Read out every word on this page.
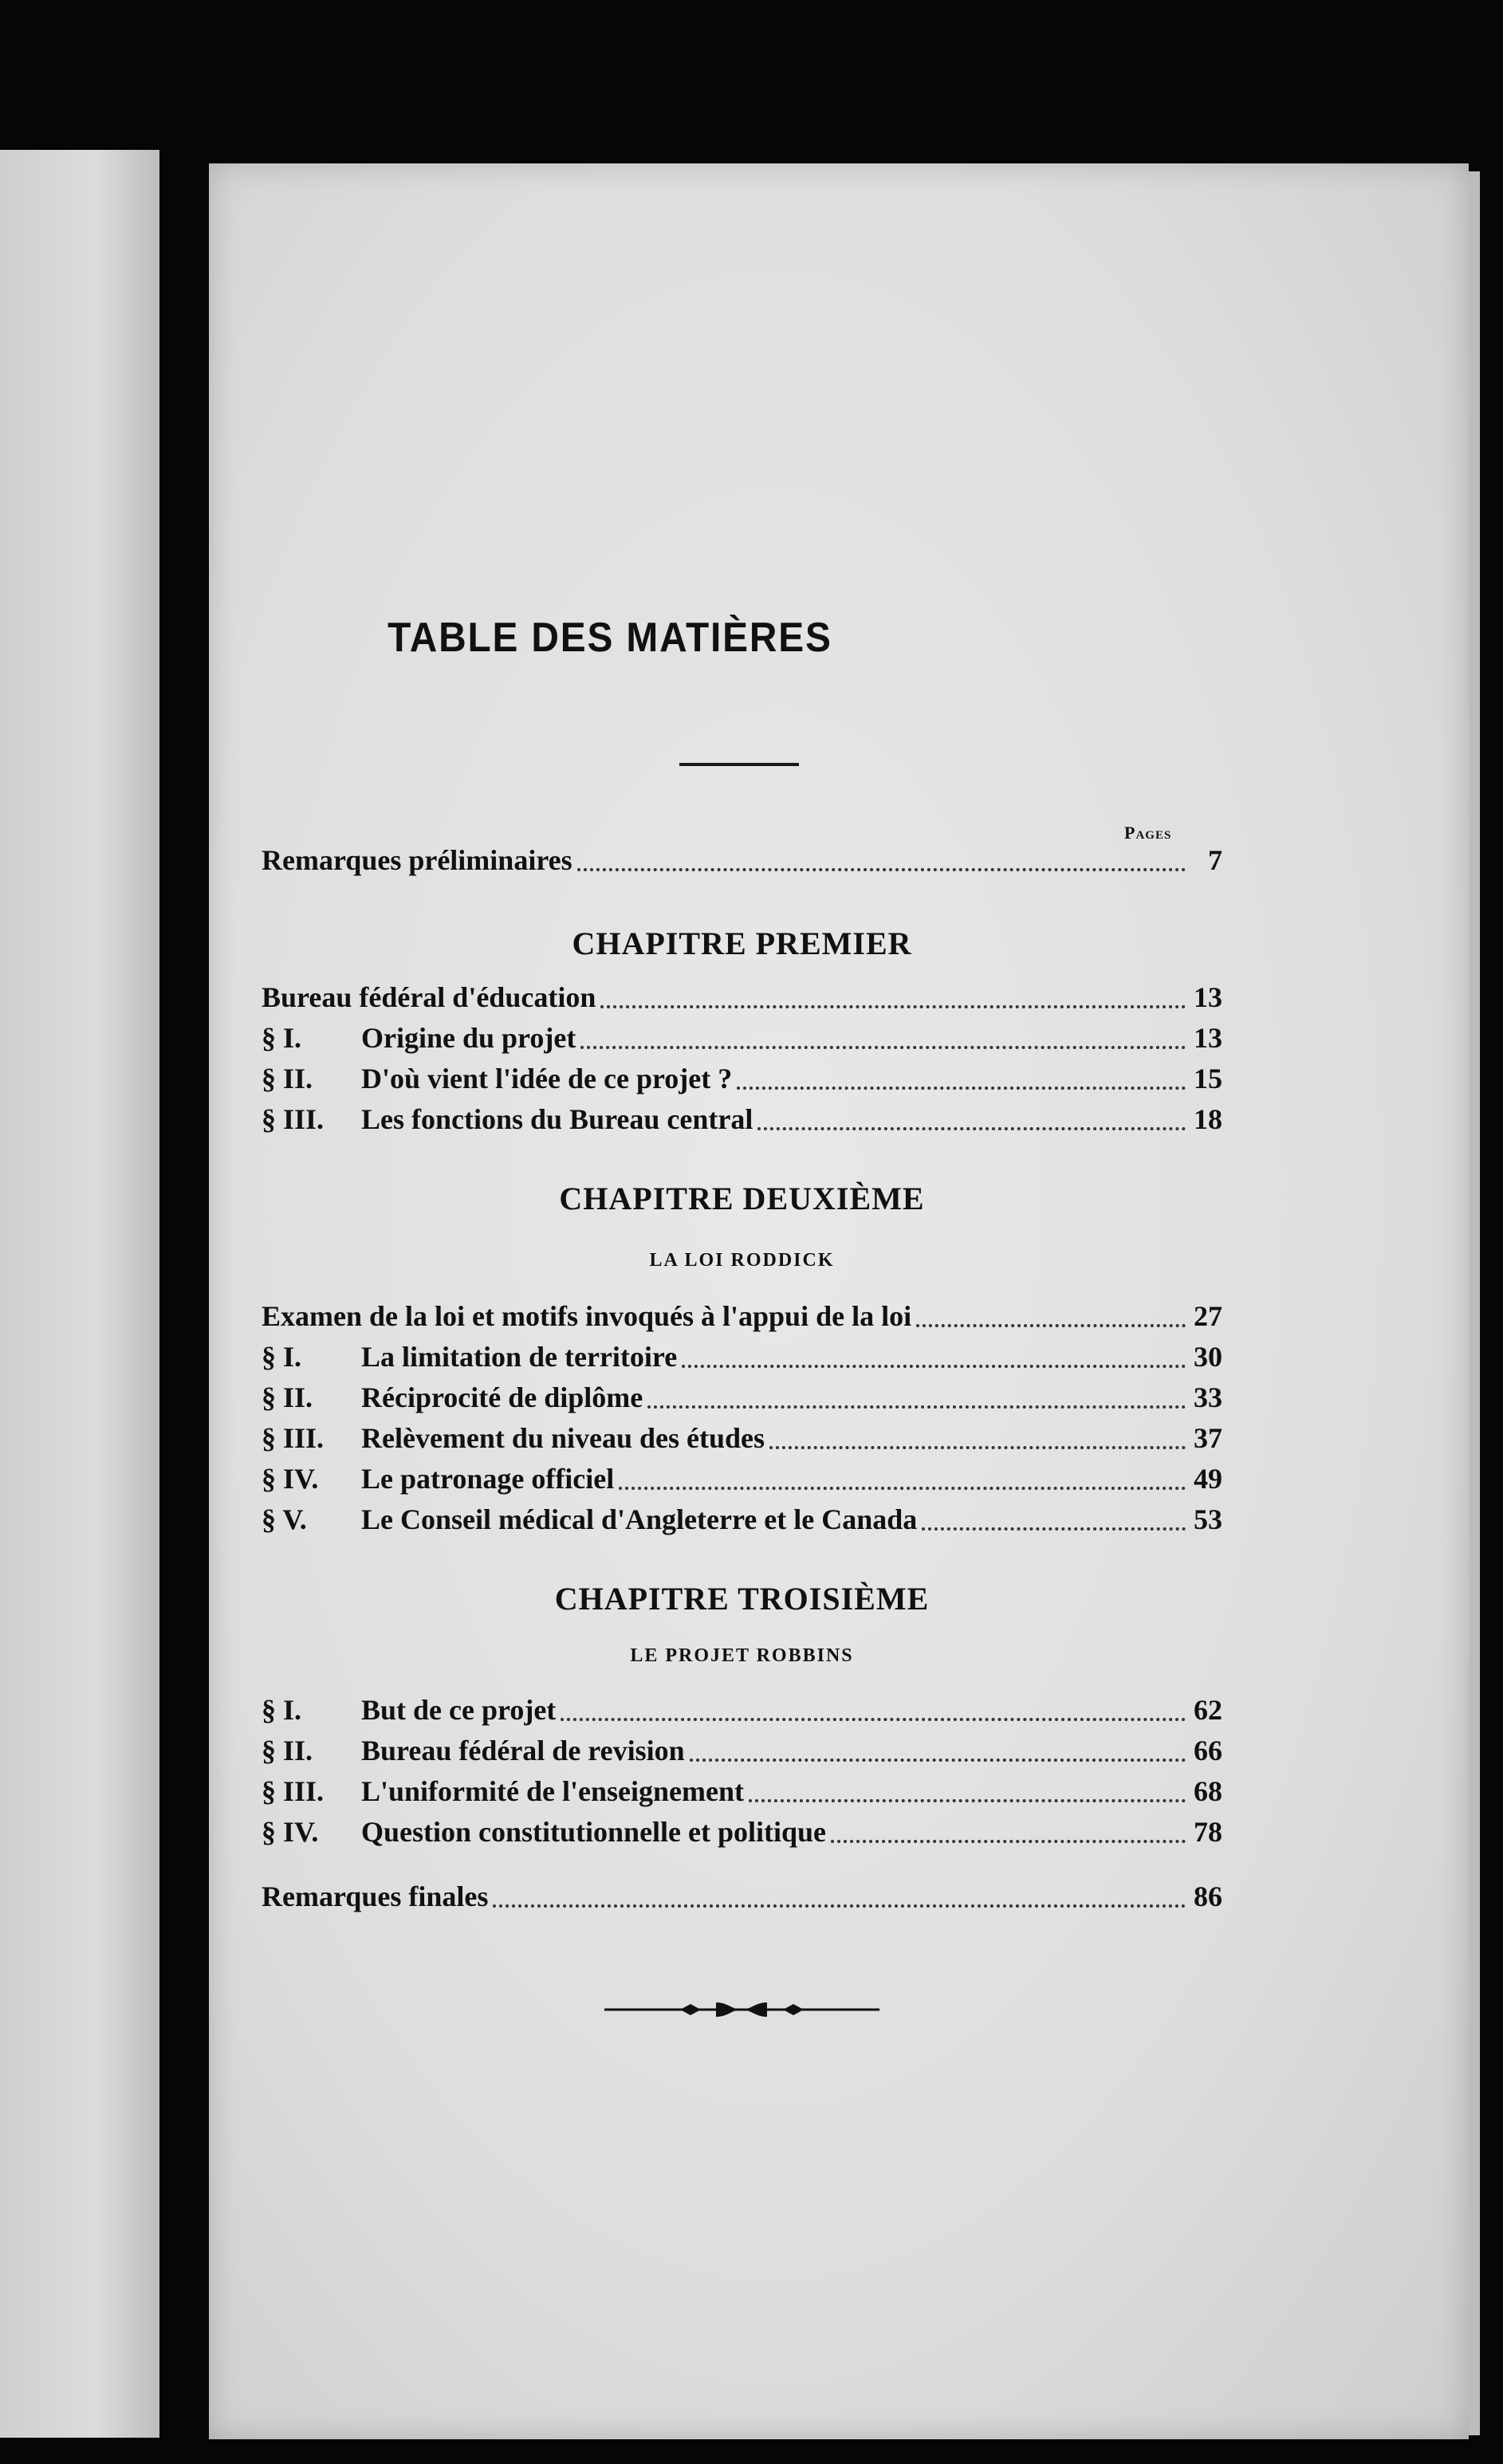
TABLE DES MATIÈRES
Pages
Remarques préliminaires	7
CHAPITRE PREMIER
Bureau fédéral d'éducation	13
§ I.	Origine du projet	13
§ II.	D'où vient l'idée de ce projet ?	15
§ III.	Les fonctions du Bureau central	18
CHAPITRE DEUXIÈME
LA LOI RODDICK
Examen de la loi et motifs invoqués à l'appui de la loi	27
§ I.	La limitation de territoire	30
§ II.	Réciprocité de diplôme	33
§ III.	Relèvement du niveau des études	37
§ IV.	Le patronage officiel	49
§ V.	Le Conseil médical d'Angleterre et le Canada	53
CHAPITRE TROISIÈME
LE PROJET ROBBINS
§ I.	But de ce projet	62
§ II.	Bureau fédéral de revision	66
§ III.	L'uniformité de l'enseignement	68
§ IV.	Question constitutionnelle et politique	78
Remarques finales	86
